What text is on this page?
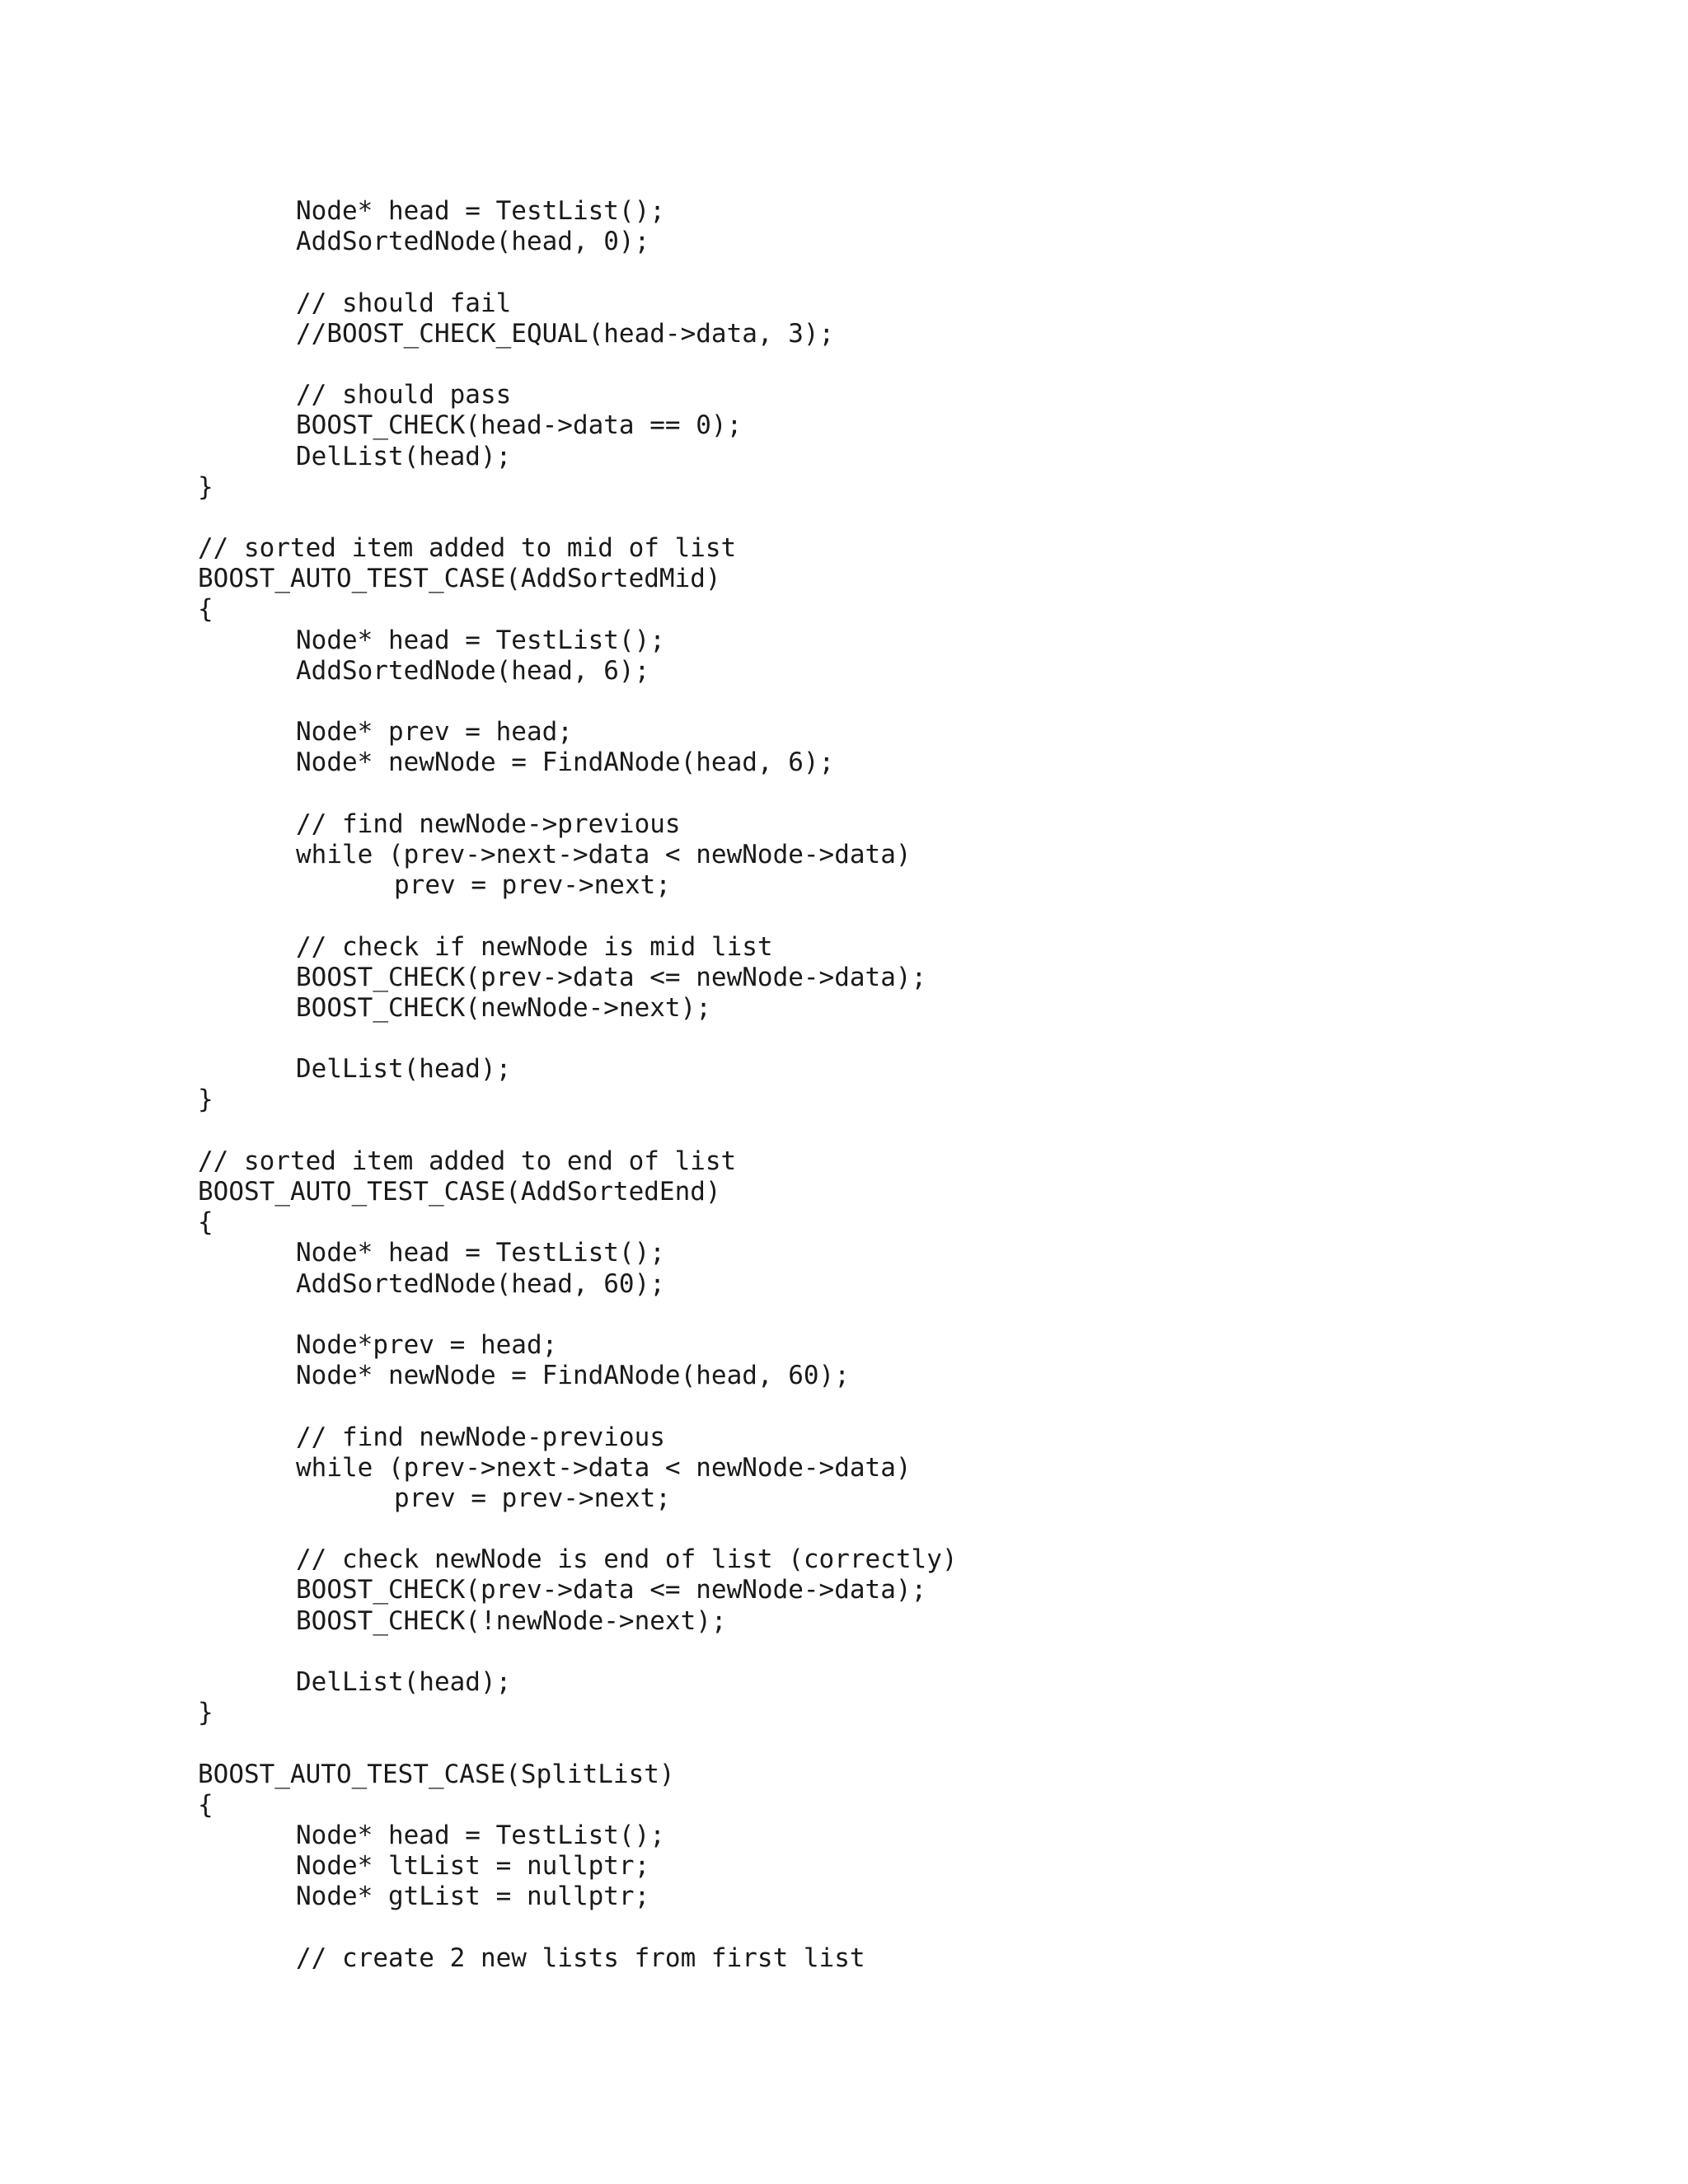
Node* head = TestList();
AddSortedNode(head, 0);
// should fail
//BOOST_CHECK_EQUAL(head->data, 3);
// should pass
BOOST_CHECK(head->data == 0);
DelList(head);
}
// sorted item added to mid of list
BOOST_AUTO_TEST_CASE(AddSortedMid)
{
Node* head = TestList();
AddSortedNode(head, 6);
Node* prev = head;
Node* newNode = FindANode(head, 6);
// find newNode->previous
while (prev->next->data < newNode->data)
prev = prev->next;
// check if newNode is mid list
BOOST_CHECK(prev->data <= newNode->data);
BOOST_CHECK(newNode->next);
DelList(head);
}
// sorted item added to end of list
BOOST_AUTO_TEST_CASE(AddSortedEnd)
{
Node* head = TestList();
AddSortedNode(head, 60);
Node*prev = head;
Node* newNode = FindANode(head, 60);
// find newNode-previous
while (prev->next->data < newNode->data)
prev = prev->next;
// check newNode is end of list (correctly)
BOOST_CHECK(prev->data <= newNode->data);
BOOST_CHECK(!newNode->next);
DelList(head);
}
BOOST_AUTO_TEST_CASE(SplitList)
{
Node* head = TestList();
Node* ltList = nullptr;
Node* gtList = nullptr;
// create 2 new lists from first list
